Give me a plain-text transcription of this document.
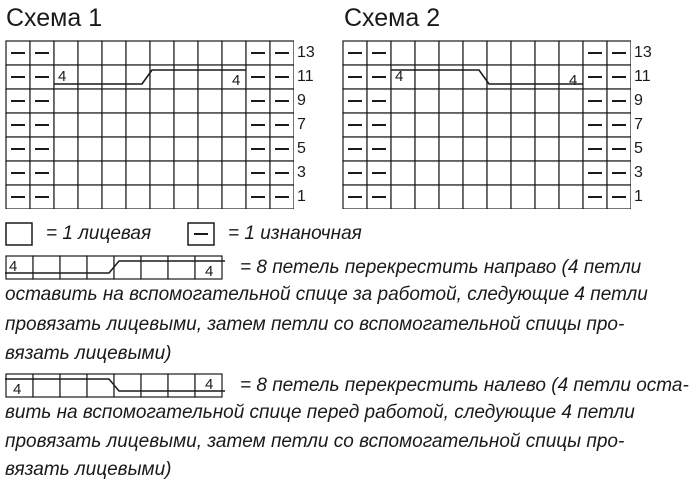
Схема 1	Схема 2
4	4	4	4
13
11
9
7
5
3
1
13
11
9
7
5
3
1
= 1 лицевая	= 1 изнаночная
4	4 = 8 петель перекрестить направо (4 петли
оставить на вспомогательной спице за работой, следующие 4 петли
провязать лицевыми, затем петли со вспомогательной спицы про-
вязать лицевыми)
4	4 = 8 петель перекрестить налево (4 петли оста-
вить на вспомогательной спице перед работой, следующие 4 петли
провязать лицевыми, затем петли со вспомогательной спицы про-
вязать лицевыми)
